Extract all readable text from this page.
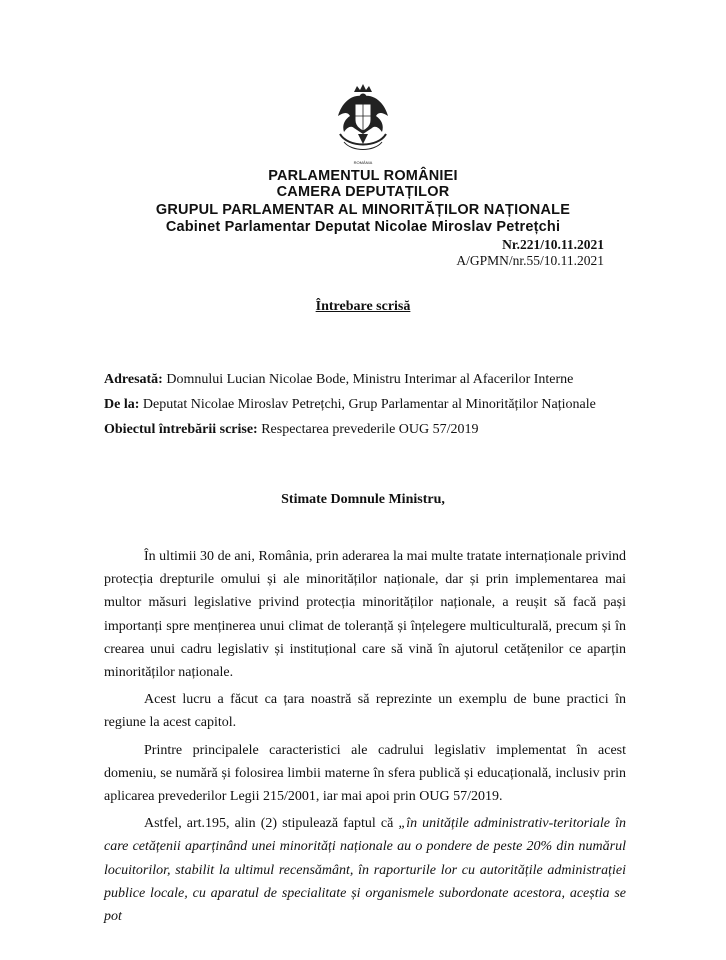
ROMÂNIA
PARLAMENTUL ROMÂNIEI
CAMERA DEPUTAȚILOR
GRUPUL PARLAMENTAR AL MINORITĂȚILOR NAȚIONALE
Cabinet Parlamentar Deputat Nicolae Miroslav Petrețchi
Nr.221/10.11.2021
A/GPMN/nr.55/10.11.2021
Întrebare scrisă
Adresată: Domnului Lucian Nicolae Bode, Ministru Interimar al Afacerilor Interne
De la: Deputat Nicolae Miroslav Petrețchi, Grup Parlamentar al Minorităților Naționale
Obiectul întrebării scrise: Respectarea prevederile OUG 57/2019
Stimate Domnule Ministru,

În ultimii 30 de ani, România, prin aderarea la mai multe tratate internaționale privind protecția drepturile omului și ale minorităților naționale, dar și prin implementarea mai multor măsuri legislative privind protecția minorităților naționale, a reușit să facă pași importanți spre menținerea unui climat de toleranță și înțelegere multiculturală, precum și în crearea unui cadru legislativ și instituțional care să vină în ajutorul cetățenilor ce aparțin minorităților naționale.

Acest lucru a făcut ca țara noastră să reprezinte un exemplu de bune practici în regiune la acest capitol.

Printre principalele caracteristici ale cadrului legislativ implementat în acest domeniu, se numără și folosirea limbii materne în sfera publică și educațională, inclusiv prin aplicarea prevederilor Legii 215/2001, iar mai apoi prin OUG 57/2019.

Astfel, art.195, alin (2) stipulează faptul că „în unitățile administrativ-teritoriale în care cetățenii aparținând unei minorități naționale au o pondere de peste 20% din numărul locuitorilor, stabilit la ultimul recensământ, în raporturile lor cu autoritățile administrației publice locale, cu aparatul de specialitate și organismele subordonate acestora, aceștia se pot
